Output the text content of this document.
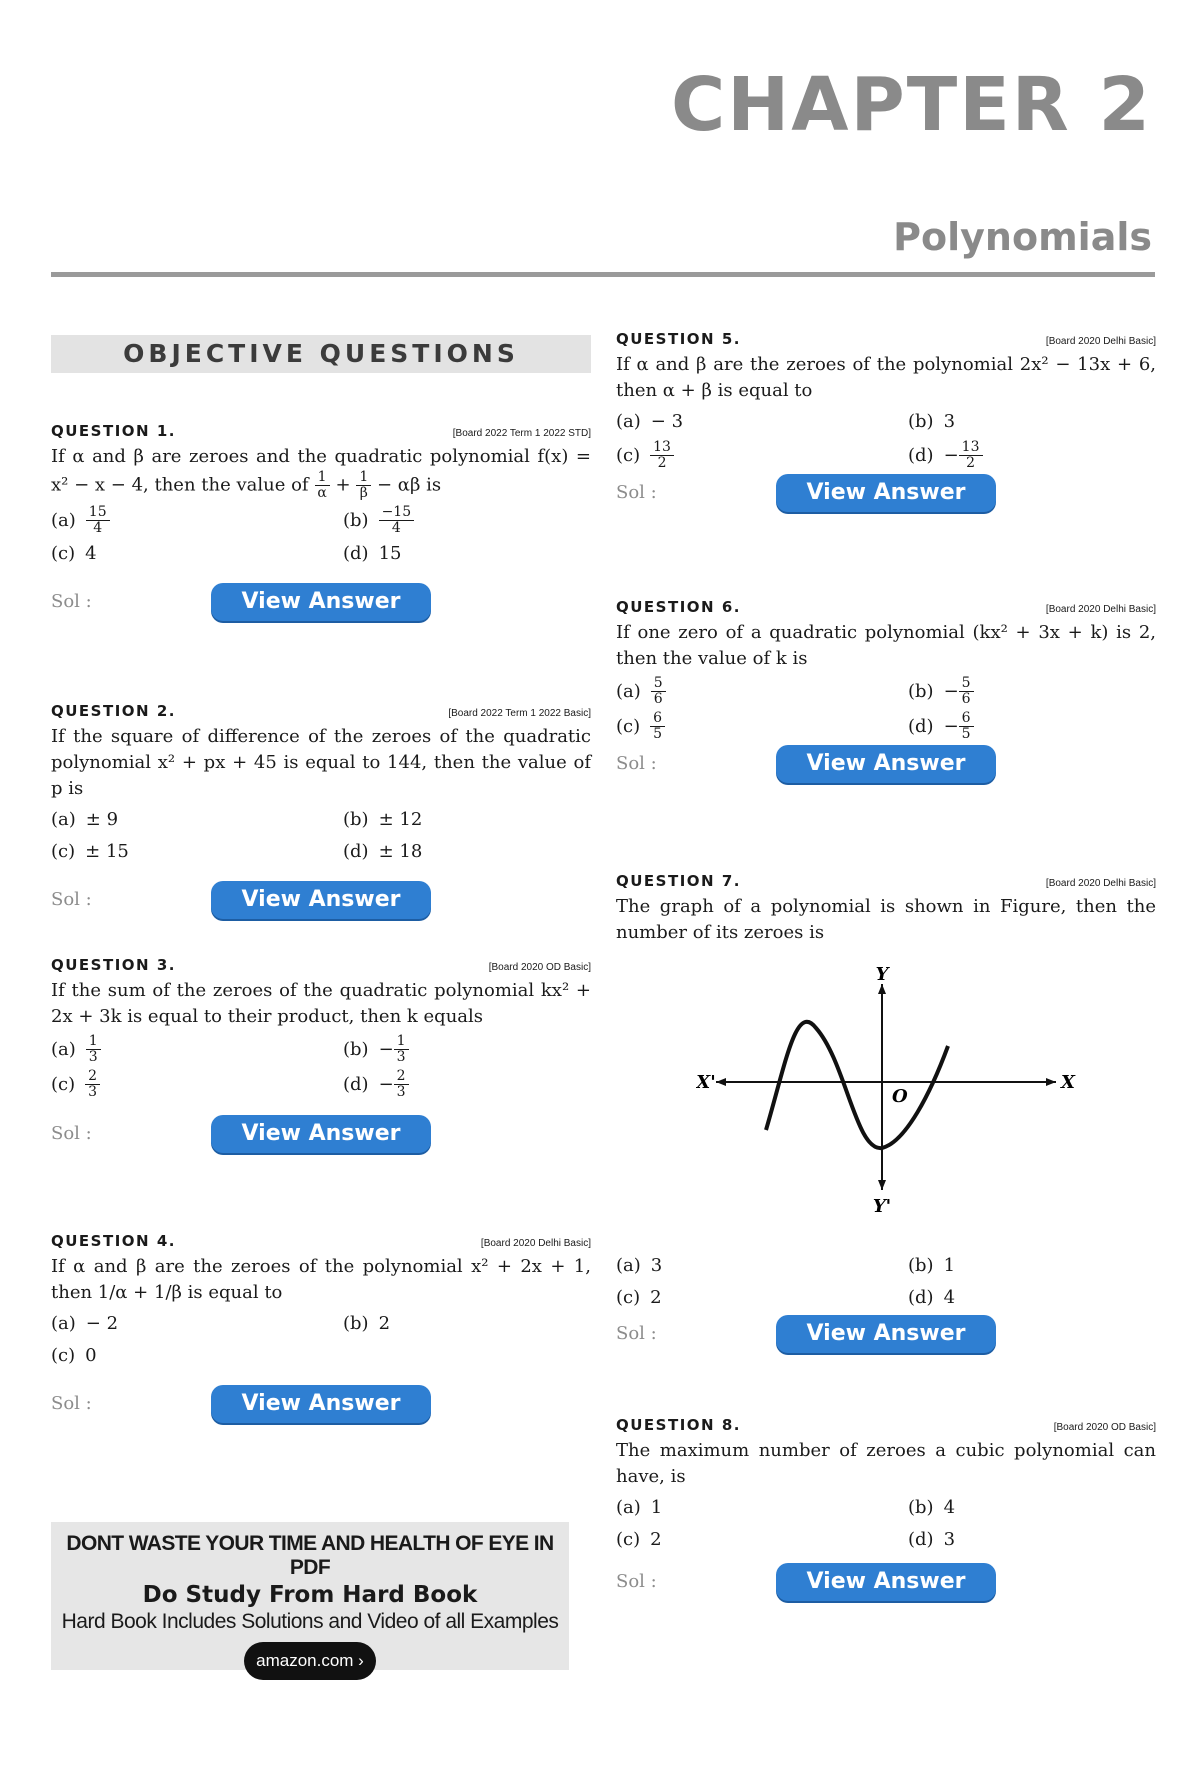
CHAPTER 2
Polynomials
OBJECTIVE QUESTIONS
QUESTION 1.	[Board 2022 Term 1 2022 STD]
If α and β are zeroes and the quadratic polynomial f(x) = x² − x − 4, then the value of $\frac{1}{\alpha} + \frac{1}{\beta} - \alpha\beta$ is
$(a) \frac{15}{4}$	$(b) \frac{-15}{4}$
(c) 4	(d) 15
Sol :	View Answer
QUESTION 2.	[Board 2022 Term 1 2022 Basic]
If the square of difference of the zeroes of the quadratic polynomial x² + px + 45 is equal to 144, then the value of p is
(a) ± 9	(b) ± 12
(c) ± 15	(d) ± 18
Sol :	View Answer
QUESTION 3.	[Board 2020 OD Basic]
If the sum of the zeroes of the quadratic polynomial kx² + 2x + 3k is equal to their product, then k equals
$(a) \frac{1}{3}$	$(b) - \frac{1}{3}$
$(c) \frac{2}{3}$	$(d) - \frac{2}{3}$
Sol :	View Answer
QUESTION 4.	[Board 2020 Delhi Basic]
If α and β are the zeroes of the polynomial x² + 2x + 1, then 1/α + 1/β is equal to
(a) − 2	(b) 2
(c) 0
Sol :	View Answer
DONT WASTE YOUR TIME AND HEALTH OF EYE IN PDF
Do Study From Hard Book
Hard Book Includes Solutions and Video of all Examples
amazon.com ›
QUESTION 5.	[Board 2020 Delhi Basic]
If α and β are the zeroes of the polynomial 2x² − 13x + 6, then α + β is equal to
(a) − 3	(b) 3
$(c) \frac{13}{2}$	$(d) - \frac{13}{2}$
Sol :	View Answer
QUESTION 6.	[Board 2020 Delhi Basic]
If one zero of a quadratic polynomial (kx² + 3x + k) is 2, then the value of k is
$(a) \frac{5}{6}$	$(b) - \frac{5}{6}$
$(c) \frac{6}{5}$	$(d) - \frac{6}{5}$
Sol :	View Answer
QUESTION 7.	[Board 2020 Delhi Basic]
The graph of a polynomial is shown in Figure, then the number of its zeroes is
Y
Y'
X
X'
O
(a) 3	(b) 1
(c) 2	(d) 4
Sol :	View Answer
QUESTION 8.	[Board 2020 OD Basic]
The maximum number of zeroes a cubic polynomial can have, is
(a) 1	(b) 4
(c) 2	(d) 3
Sol :	View Answer
